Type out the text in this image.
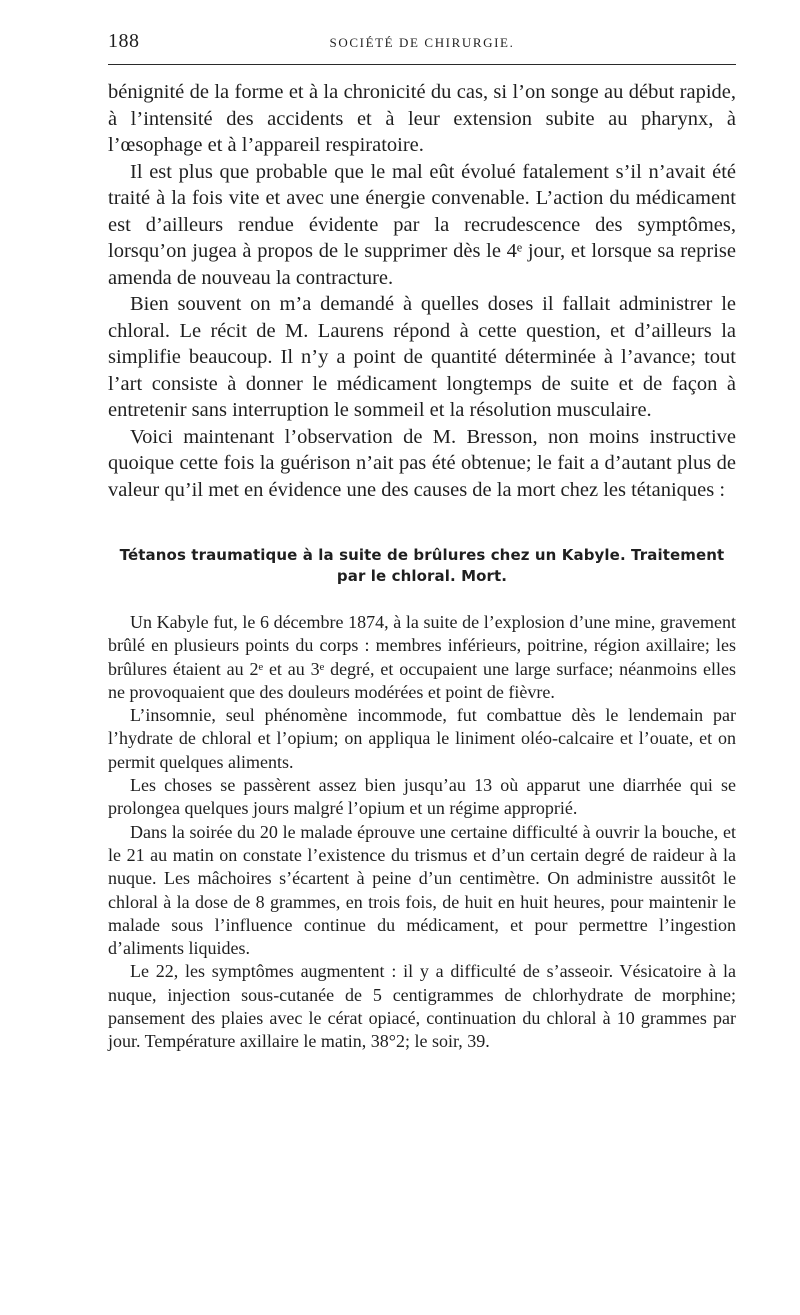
188	SOCIÉTÉ DE CHIRURGIE.

bénignité de la forme et à la chronicité du cas, si l’on songe au début rapide, à l’intensité des accidents et à leur extension subite au pharynx, à l’œsophage et à l’appareil respiratoire.

Il est plus que probable que le mal eût évolué fatalement s’il n’avait été traité à la fois vite et avec une énergie convenable. L’action du médicament est d’ailleurs rendue évidente par la recrudescence des symptômes, lorsqu’on jugea à propos de le supprimer dès le 4ᵉ jour, et lorsque sa reprise amenda de nouveau la contracture.

Bien souvent on m’a demandé à quelles doses il fallait administrer le chloral. Le récit de M. Laurens répond à cette question, et d’ailleurs la simplifie beaucoup. Il n’y a point de quantité déterminée à l’avance; tout l’art consiste à donner le médicament longtemps de suite et de façon à entretenir sans interruption le sommeil et la résolution musculaire.

Voici maintenant l’observation de M. Bresson, non moins instructive quoique cette fois la guérison n’ait pas été obtenue; le fait a d’autant plus de valeur qu’il met en évidence une des causes de la mort chez les tétaniques :

Tétanos traumatique à la suite de brûlures chez un Kabyle. Traitement
par le chloral. Mort.

Un Kabyle fut, le 6 décembre 1874, à la suite de l’explosion d’une mine, gravement brûlé en plusieurs points du corps : membres inférieurs, poitrine, région axillaire; les brûlures étaient au 2ᵉ et au 3ᵉ degré, et occupaient une large surface; néanmoins elles ne provoquaient que des douleurs modérées et point de fièvre.

L’insomnie, seul phénomène incommode, fut combattue dès le lendemain par l’hydrate de chloral et l’opium; on appliqua le liniment oléo-calcaire et l’ouate, et on permit quelques aliments.

Les choses se passèrent assez bien jusqu’au 13 où apparut une diarrhée qui se prolongea quelques jours malgré l’opium et un régime approprié.

Dans la soirée du 20 le malade éprouve une certaine difficulté à ouvrir la bouche, et le 21 au matin on constate l’existence du trismus et d’un certain degré de raideur à la nuque. Les mâchoires s’écartent à peine d’un centimètre. On administre aussitôt le chloral à la dose de 8 grammes, en trois fois, de huit en huit heures, pour maintenir le malade sous l’influence continue du médicament, et pour permettre l’ingestion d’aliments liquides.

Le 22, les symptômes augmentent : il y a difficulté de s’asseoir. Vésicatoire à la nuque, injection sous-cutanée de 5 centigrammes de chlorhydrate de morphine; pansement des plaies avec le cérat opiacé, continuation du chloral à 10 grammes par jour. Température axillaire le matin, 38°2; le soir, 39.
